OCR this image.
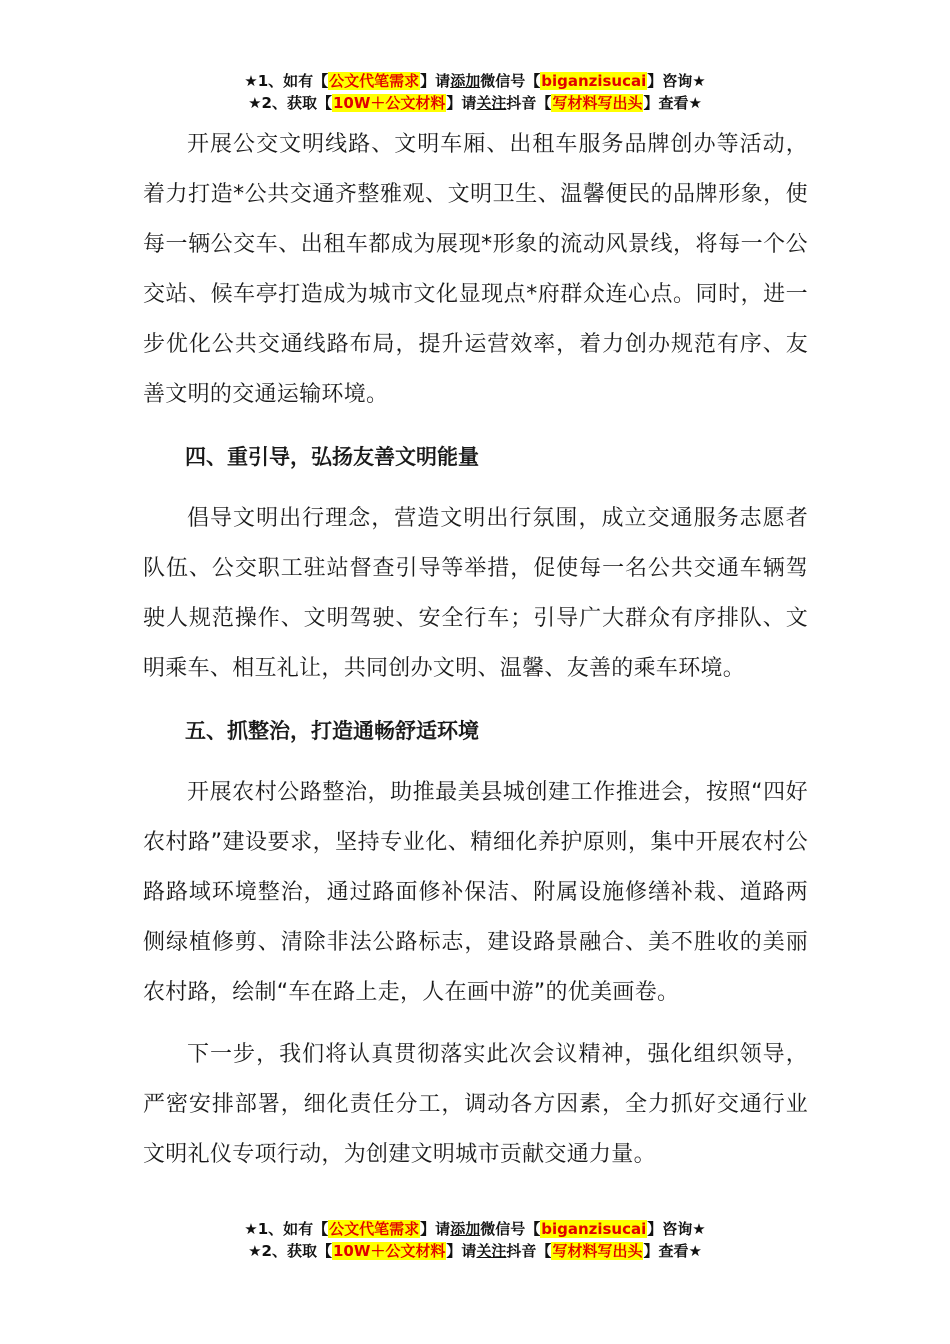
★1、如有【公文代笔需求】请添加微信号【biganzisucai】咨询★
★2、获取【10W＋公文材料】请关注抖音【写材料写出头】查看★

开展公交文明线路、文明车厢、出租车服务品牌创办等活动，着力打造*公共交通齐整雅观、文明卫生、温馨便民的品牌形象，使每一辆公交车、出租车都成为展现*形象的流动风景线，将每一个公交站、候车亭打造成为城市文化显现点*府群众连心点。同时，进一步优化公共交通线路布局，提升运营效率，着力创办规范有序、友善文明的交通运输环境。

四、重引导，弘扬友善文明能量

倡导文明出行理念，营造文明出行氛围，成立交通服务志愿者队伍、公交职工驻站督查引导等举措，促使每一名公共交通车辆驾驶人规范操作、文明驾驶、安全行车；引导广大群众有序排队、文明乘车、相互礼让，共同创办文明、温馨、友善的乘车环境。

五、抓整治，打造通畅舒适环境

开展农村公路整治，助推最美县城创建工作推进会，按照“四好农村路”建设要求，坚持专业化、精细化养护原则，集中开展农村公路路域环境整治，通过路面修补保洁、附属设施修缮补栽、道路两侧绿植修剪、清除非法公路标志，建设路景融合、美不胜收的美丽农村路，绘制“车在路上走，人在画中游”的优美画卷。

下一步，我们将认真贯彻落实此次会议精神，强化组织领导，严密安排部署，细化责任分工，调动各方因素，全力抓好交通行业文明礼仪专项行动，为创建文明城市贡献交通力量。

★1、如有【公文代笔需求】请添加微信号【biganzisucai】咨询★
★2、获取【10W＋公文材料】请关注抖音【写材料写出头】查看★
